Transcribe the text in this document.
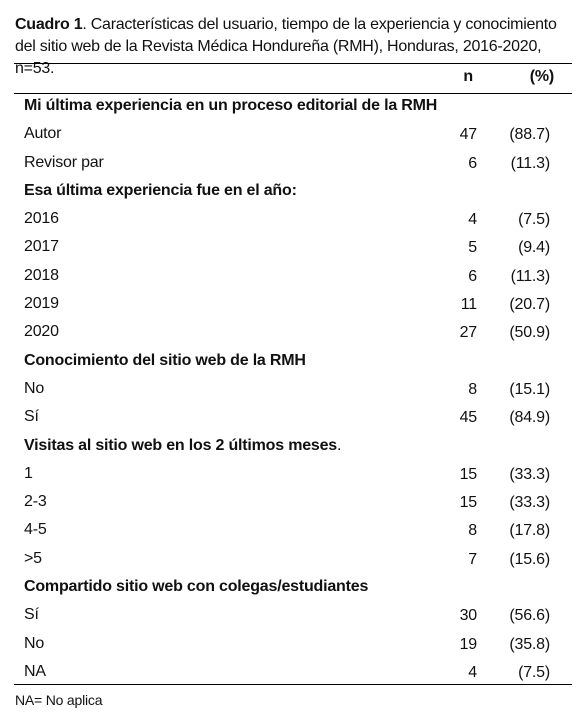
Cuadro 1. Características del usuario, tiempo de la experiencia y conocimiento del sitio web de la Revista Médica Hondureña (RMH), Honduras, 2016-2020, n=53.	n	(%)
Mi última experiencia en un proceso editorial de la RMH
Autor	47 (88.7)
Revisor par	6 (11.3)
Esa última experiencia fue en el año:
2016	4	(7.5)
2017	5	(9.4)
2018	6 (11.3)
2019	11 (20.7)
2020	27 (50.9)
Conocimiento del sitio web de la RMH
No	8 (15.1)
Sí	45 (84.9)
Visitas al sitio web en los 2 últimos meses.
1	15 (33.3)
2-3	15 (33.3)
4-5	8 (17.8)
>5	7 (15.6)
Compartido sitio web con colegas/estudiantes
Sí	30 (56.6)
No	19 (35.8)
NA	4	(7.5)
NA= No aplica
